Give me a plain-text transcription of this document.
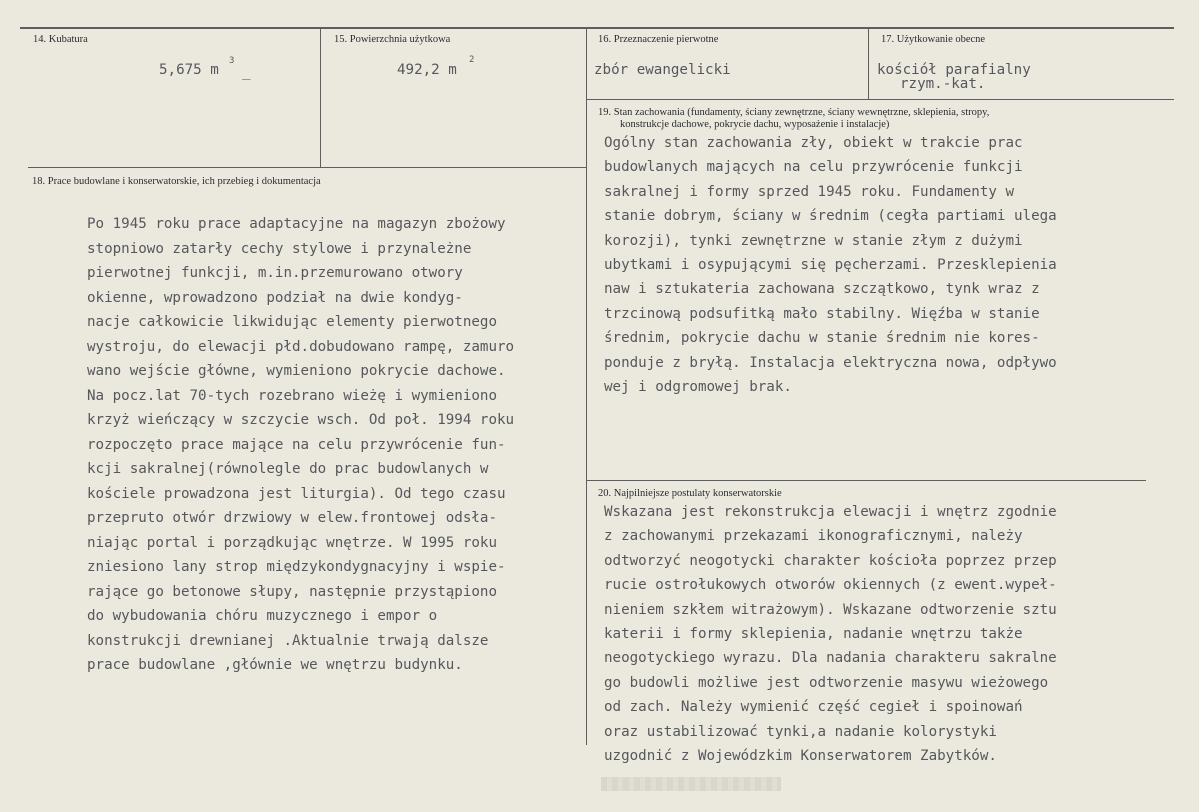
14. Kubatura
5,675 m
3
_
15. Powierzchnia użytkowa
492,2 m
2
16. Przeznaczenie pierwotne
zbór ewangelicki
17. Użytkowanie obecne
kościół parafialny
rzym.-kat.
19. Stan zachowania (fundamenty, ściany zewnętrzne, ściany wewnętrzne, sklepienia, stropy,
konstrukcje dachowe, pokrycie dachu, wyposażenie i instalacje)
Ogólny stan zachowania zły, obiekt w trakcie prac
budowlanych mających na celu przywrócenie funkcji
sakralnej i formy sprzed 1945 roku. Fundamenty w
stanie dobrym, ściany w średnim (cegła partiami ulega
korozji), tynki zewnętrzne w stanie złym z dużymi
ubytkami i osypującymi się pęcherzami. Przesklepienia
naw i sztukateria zachowana szczątkowo, tynk wraz z
trzcinową podsufitką mało stabilny. Więźba w stanie
średnim, pokrycie dachu w stanie średnim nie kores-
ponduje z bryłą. Instalacja elektryczna nowa, odpływo
wej i odgromowej brak.
18. Prace budowlane i konserwatorskie, ich przebieg i dokumentacja
Po 1945 roku prace adaptacyjne na magazyn zbożowy
stopniowo zatarły cechy stylowe i przynależne
pierwotnej funkcji, m.in.przemurowano otwory
okienne, wprowadzono podział na dwie kondyg-
nacje całkowicie likwidując elementy pierwotnego
wystroju, do elewacji płd.dobudowano rampę, zamuro
wano wejście główne, wymieniono pokrycie dachowe.
Na pocz.lat 70-tych rozebrano wieżę i wymieniono
krzyż wieńczący w szczycie wsch. Od poł. 1994 roku
rozpoczęto prace mające na celu przywrócenie fun-
kcji sakralnej(równolegle do prac budowlanych w
kościele prowadzona jest liturgia). Od tego czasu
przepruto otwór drzwiowy w elew.frontowej odsła-
niając portal i porządkując wnętrze. W 1995 roku
zniesiono lany strop międzykondygnacyjny i wspie-
rające go betonowe słupy, następnie przystąpiono
do wybudowania chóru muzycznego i empor o
konstrukcji drewnianej .Aktualnie trwają dalsze
prace budowlane ,głównie we wnętrzu budynku.
20. Najpilniejsze postulaty konserwatorskie
Wskazana jest rekonstrukcja elewacji i wnętrz zgodnie
z zachowanymi przekazami ikonograficznymi, należy
odtworzyć neogotycki charakter kościoła poprzez przep
rucie ostrołukowych otworów okiennych (z ewent.wypeł-
nieniem szkłem witrażowym). Wskazane odtworzenie sztu
katerii i formy sklepienia, nadanie wnętrzu także
neogotyckiego wyrazu. Dla nadania charakteru sakralne
go budowli możliwe jest odtworzenie masywu wieżowego
od zach. Należy wymienić część cegieł i spoinowań
oraz ustabilizować tynki,a nadanie kolorystyki
uzgodnić z Wojewódzkim Konserwatorem Zabytków.
